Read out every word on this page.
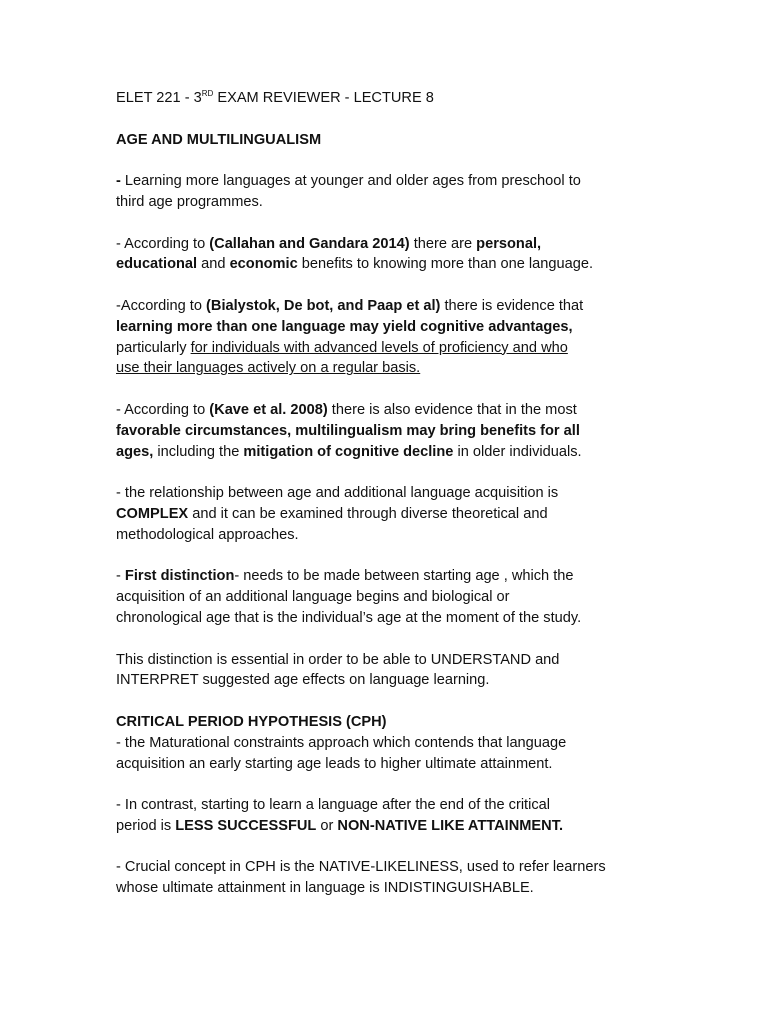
ELET 221 - 3RD EXAM REVIEWER - LECTURE 8
AGE AND MULTILINGUALISM
- Learning more languages at younger and older ages from preschool to
third age programmes.
- According to (Callahan and Gandara 2014) there are personal,
educational and economic benefits to knowing more than one language.
-According to (Bialystok, De bot, and Paap et al) there is evidence that
learning more than one language may yield cognitive advantages,
particularly for individuals with advanced levels of proficiency and who
use their languages actively on a regular basis.
- According to (Kave et al. 2008) there is also evidence that in the most
favorable circumstances, multilingualism may bring benefits for all
ages, including the mitigation of cognitive decline in older individuals.
- the relationship between age and additional language acquisition is
COMPLEX and it can be examined through diverse theoretical and
methodological approaches.
- First distinction- needs to be made between starting age , which the
acquisition of an additional language begins and biological or
chronological age that is the individual’s age at the moment of the study.
This distinction is essential in order to be able to UNDERSTAND and
INTERPRET suggested age effects on language learning.
CRITICAL PERIOD HYPOTHESIS (CPH)
- the Maturational constraints approach which contends that language
acquisition an early starting age leads to higher ultimate attainment.
- In contrast, starting to learn a language after the end of the critical
period is LESS SUCCESSFUL or NON-NATIVE LIKE ATTAINMENT.
- Crucial concept in CPH is the NATIVE-LIKELINESS, used to refer learners
whose ultimate attainment in language is INDISTINGUISHABLE.
